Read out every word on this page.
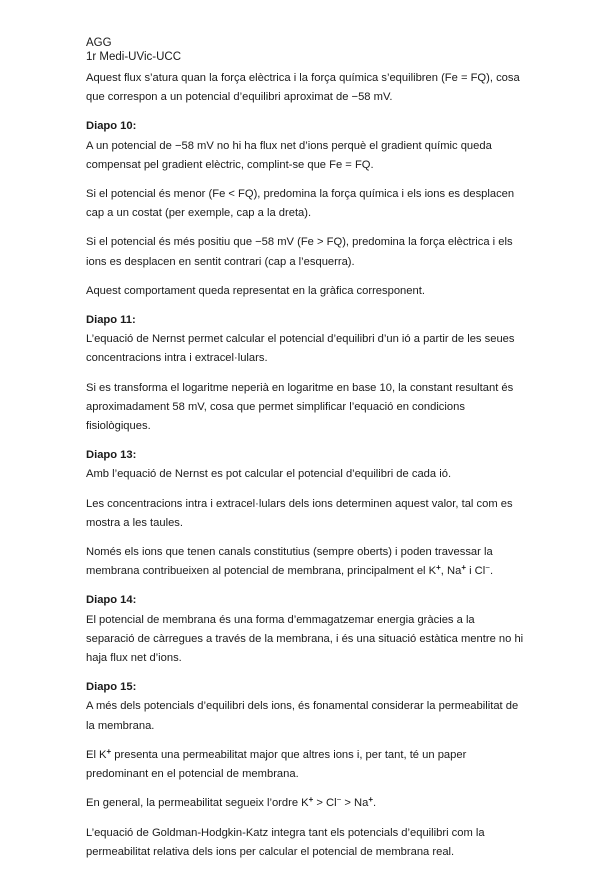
AGG
1r Medi-UVic-UCC

Aquest flux s’atura quan la força elèctrica i la força química s’equilibren (Fe = FQ), cosa que correspon a un potencial d’equilibri aproximat de −58 mV.

Diapo 10:

A un potencial de −58 mV no hi ha flux net d’ions perquè el gradient químic queda compensat pel gradient elèctric, complint-se que Fe = FQ.

Si el potencial és menor (Fe < FQ), predomina la força química i els ions es desplacen cap a un costat (per exemple, cap a la dreta).

Si el potencial és més positiu que −58 mV (Fe > FQ), predomina la força elèctrica i els ions es desplacen en sentit contrari (cap a l’esquerra).

Aquest comportament queda representat en la gràfica corresponent.

Diapo 11:

L’equació de Nernst permet calcular el potencial d’equilibri d’un ió a partir de les seues concentracions intra i extracel·lulars.

Si es transforma el logaritme neperià en logaritme en base 10, la constant resultant és aproximadament 58 mV, cosa que permet simplificar l’equació en condicions fisiològiques.

Diapo 13:

Amb l’equació de Nernst es pot calcular el potencial d’equilibri de cada ió.

Les concentracions intra i extracel·lulars dels ions determinen aquest valor, tal com es mostra a les taules.

Només els ions que tenen canals constitutius (sempre oberts) i poden travessar la membrana contribueixen al potencial de membrana, principalment el K+, Na+ i Cl−.

Diapo 14:

El potencial de membrana és una forma d’emmagatzemar energia gràcies a la separació de càrregues a través de la membrana, i és una situació estàtica mentre no hi haja flux net d’ions.

Diapo 15:

A més dels potencials d’equilibri dels ions, és fonamental considerar la permeabilitat de la membrana.

El K+ presenta una permeabilitat major que altres ions i, per tant, té un paper predominant en el potencial de membrana.

En general, la permeabilitat segueix l’ordre K+ > Cl− > Na+.

L’equació de Goldman-Hodgkin-Katz integra tant els potencials d’equilibri com la permeabilitat relativa dels ions per calcular el potencial de membrana real.
